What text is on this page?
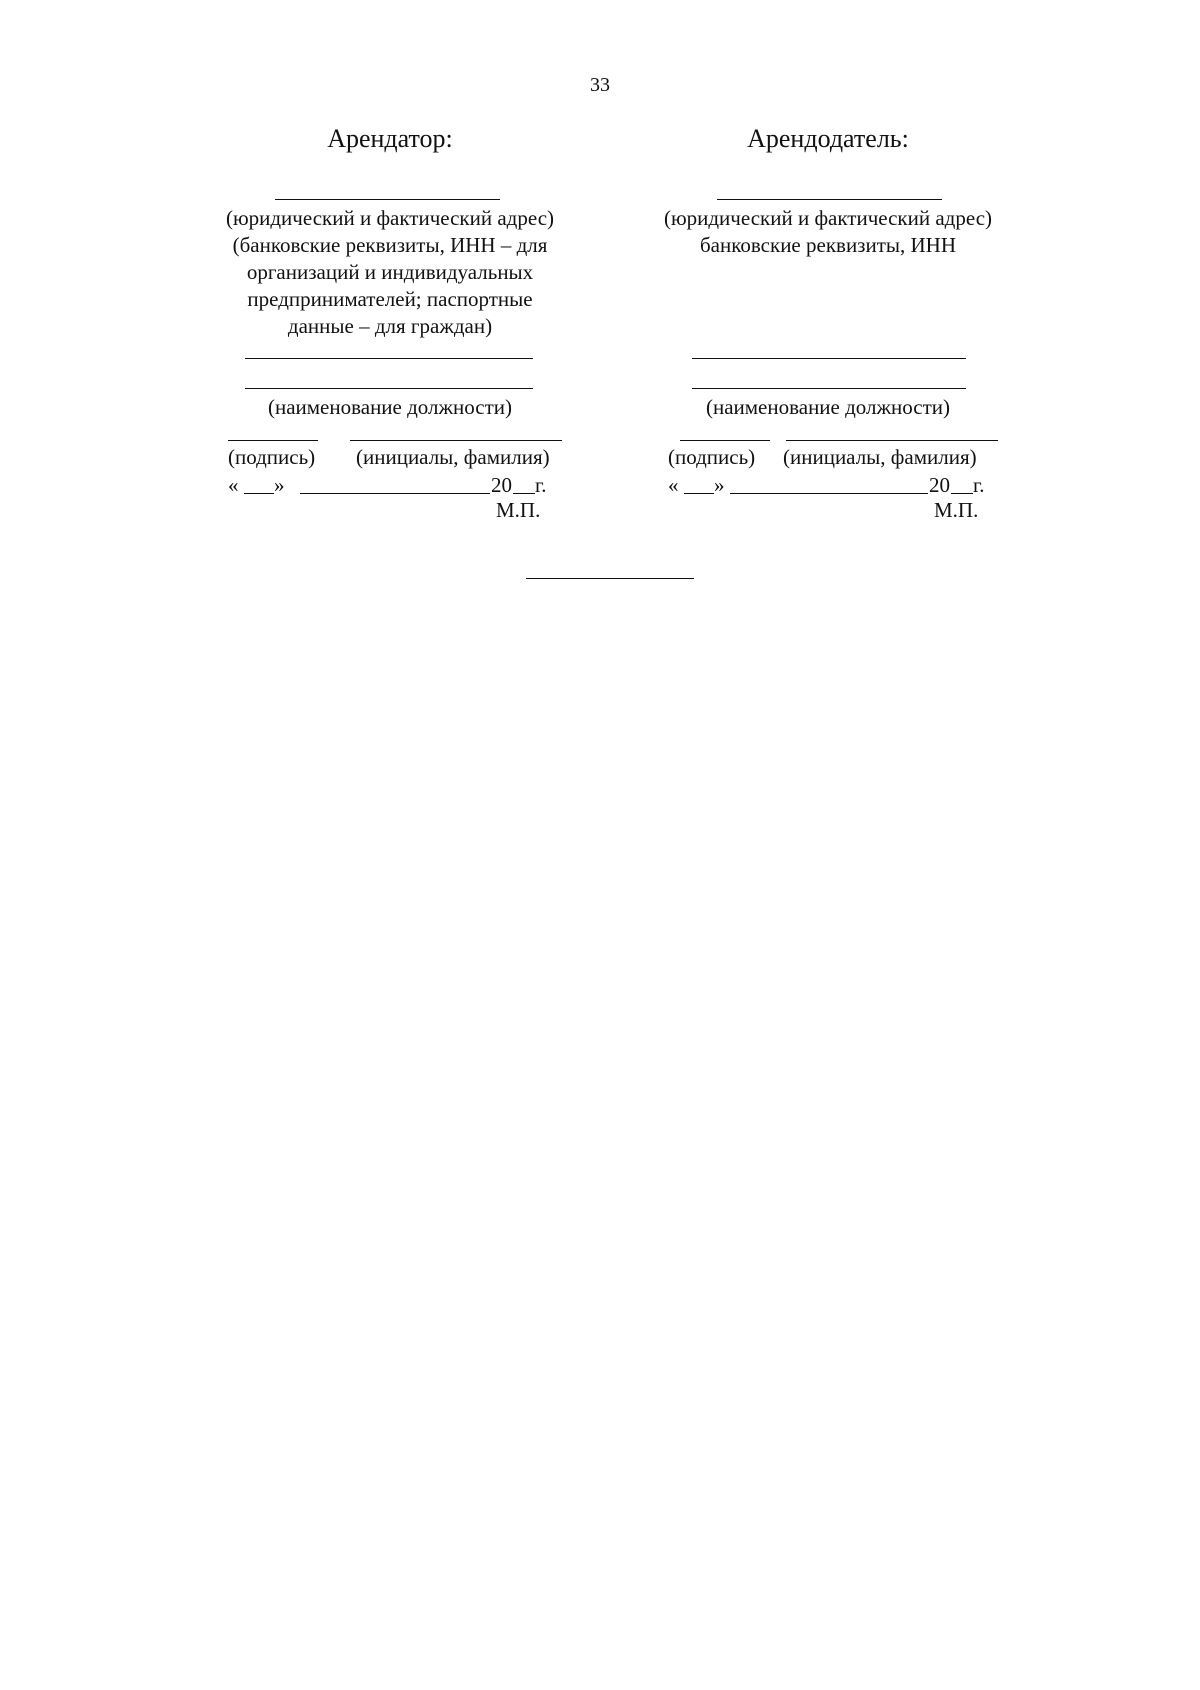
33
Арендатор:
(юридический и фактический адрес)
(банковские реквизиты, ИНН – для
организаций и индивидуальных
предпринимателей; паспортные
данные – для граждан)
(наименование должности)
(подпись) (инициалы, фамилия)
« »	20 г.
М.П.
Арендодатель:
(юридический и фактический адрес)
банковские реквизиты, ИНН
(наименование должности)
(подпись) (инициалы, фамилия)
« »	20 г.
М.П.
